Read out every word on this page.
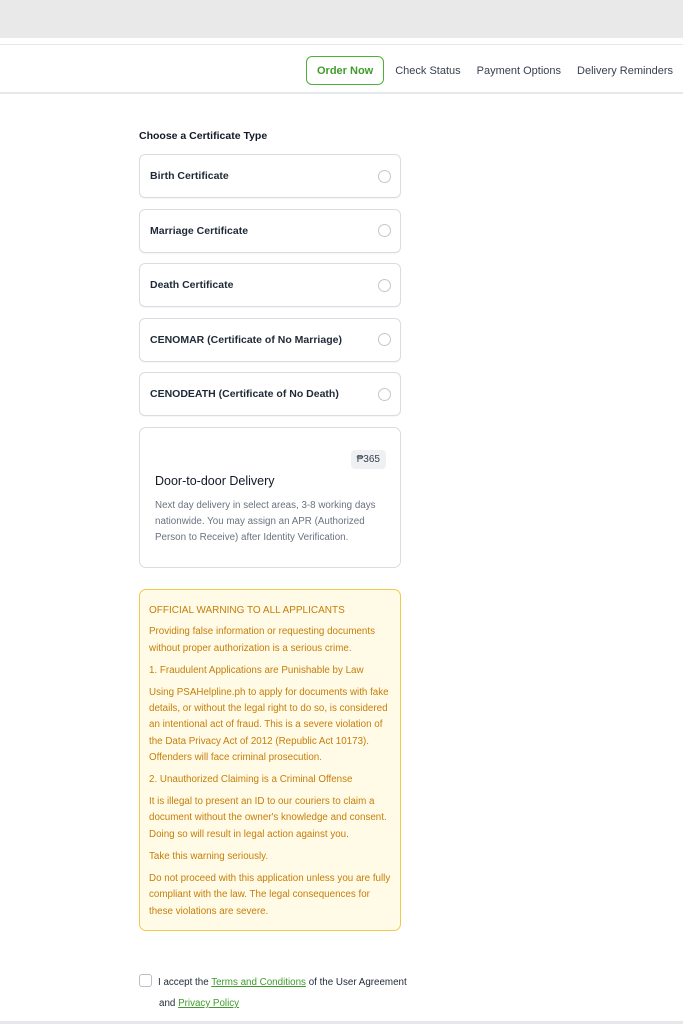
Order Now	Check Status Payment Options Delivery Reminders
Choose a Certificate Type
Birth Certificate
Marriage Certificate
Death Certificate
CENOMAR (Certificate of No Marriage)
CENODEATH (Certificate of No Death)
₱365
Door-to-door Delivery
Next day delivery in select areas, 3-8 working days nationwide. You may assign an APR (Authorized Person to Receive) after Identity Verification.

OFFICIAL WARNING TO ALL APPLICANTS

Providing false information or requesting documents without proper authorization is a serious crime.

1. Fraudulent Applications are Punishable by Law

Using PSAHelpline.ph to apply for documents with fake details, or without the legal right to do so, is considered an intentional act of fraud. This is a severe violation of the Data Privacy Act of 2012 (Republic Act 10173). Offenders will face criminal prosecution.

2. Unauthorized Claiming is a Criminal Offense

It is illegal to present an ID to our couriers to claim a document without the owner's knowledge and consent. Doing so will result in legal action against you.

Take this warning seriously.

Do not proceed with this application unless you are fully compliant with the law. The legal consequences for these violations are severe.

I accept the Terms and Conditions of the User Agreement
and Privacy Policy
